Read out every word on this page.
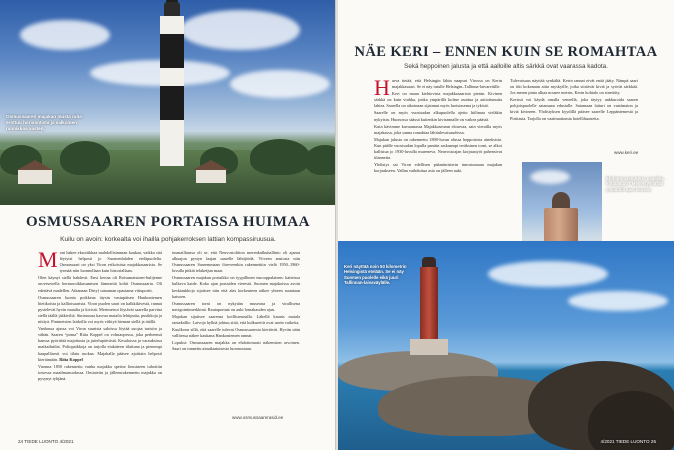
Osmussaaren majakan musta raita erottuu horisontista ja valkoinen rannikkoa vasten.
OSMUSSAAREN PORTAISSA HUIMAA
Kuilu on avoin: korkealta voi ihailla pohjakerroksen lattian kompassiruusua.
M oni hakee eksotiikkaa mahdollisimman kaukaa, vaikka sitä löytyisi helposti jo Suomenlahden eteläpuolelta. Osmussaari on yksi Viron erikoisista majakkasaarista. Se tyrmää niin luonnollaan kuin historiallaan.

Olen käynyt siellä kahdesti. Ensi kertaa oli Rotsumatsinen-hulijenne aroveseoella hermoroikkasumisen lämmettä kohti Osmussaarta. Oli edettävä madellen. Aikanaan Dirty) sataaman opastama vittuporttt.

Osmussaaren luonto poikkeaa täysin vastapäisen Hankoniemen hietikoista ja kallioisaarista. Viron puolen saari on kalkkikivestä, rannat pystelevät hyvin matalia ja kivisiä. Merimetsot löytävät saarella parvina siellä täällä jääkiviltä. Siniruusua kasvaa matalia lehtipuita, pusikkoja ja niittyä. Pinimetsien laidoilla voi myös viihtyä hieman siellä ja täällä.

Vanhassa ajassa voi Viron suurista saloissa löytää suojaa turistin ja vähän. Saaren “poma” Riita Koppel on volmaopessa, joka perheensä kanssa pyörittää majoitusta ja juttelupäivästä. Kesaloissa ja varauksissa matkailutilat. Poltopaikkoja on tarjolla etukäteen tilattuna ja pienempi kaupallisesti voi tilata ruokaa. Majakalla pääsee ajoittain helposti kiertämään. Riita Koppel

Vuonna 1850 rakennettu vanha majakka speitse linssineen tuhottiin toisessa maailmansodassa. Omistettu ja jälleenrakennettu majakka on pysynyt tyhjänä.

tusmaillaassa oli se, että Neuvostoliiton merenkulkuhallinto oli ajanut alkuajon pystyn laajan saarelle lähtijöidä. Viiveen ansiosta niin Osmussaaren Saaremmaan föreveenkin rakennettiin vielä 1950–1960-luvulla pitkät telaketjun maat.

Osmussaaren majakan portaikko on tyypillinen eurooppalainen: kaiteissa kulkeva kaide. Koko ajan portaiden vierestä. Suomen majakoissa avoin keskiaukkoja sijaitsee niin että alas korkeuteen näkee yhteen suuntaan katsoen.

Osmussaaren torni on nykyään museona ja virallisena navigointimerkkinä. Rautaportaat on auki lomakauden ajan.

Majakan sijaitsee saarensa koillisreunalla. Lähellä kaunis matala rantakallio. Laivoja hylkiä johtuu siitä, että kulkureitit ovat usein vaikeita.

Kuulkoon sillä, että saarelle tulevat Osmussaaresta kiertävät. Hyvän sään vallitessa näkee kaukana Hankoniemen rannat.

Lopuksi: Osmussaaren majakka on ehdottomasti näkemisen arvoinen. Saari on tunnettu ainutlaatuisesta luonnostaan.

www.osmussaarerasid.ee
24 TIEDE LUONTO 4/2021
NÄE KERI – ENNEN KUIN SE ROMAHTAA
Sekä heppoinen jalusta ja että aalloille altis särkkä ovat vaarassa kadota.
H arva tietää, että Helsingin lähin naapuri Virossa on Kerin majakkasaari. Se ei näy tutulle Helsingin–Tallinna-laivareitille.

Keri on maan kiehtovista majakkasaarista pienin. Kivinen särkkä on kuin viuhka, jonka ympärillä kolme asuttua ja autioitunutta lahtea. Saarella on aikoinaan sijainnut myös luotsiasema ja tykistö.

Saarelle on myös vuosisadan alkupuolella ajettu hiilimaa vieläkin nykyisin. Huonossa säässä kuitenkin kivirannalle on vaikea päästä.

Kuin kävimme kuvaamassa Majakkaseuran eloarvaa, sain vierailla myös majakassa, joka sanna romahtaa lähitulevaisuudessa.

Majakan jalusta on rakennettu 1800-luvun alussa heppoisista aineksista. Kun päälle vuosisadan lopulla pantiin raskaampi teräksinen torni, se alkoi kallistua jo 1930-luvulla mureneva. Neuvostoajan korjaustyöt pahensivat tilannetta.

Yhdistys sai Viron edellisen päämiinisterin innostumaan majakan korjaukseen. Vallan vaihduttua asia on jälleen auki.

Tulevaisuus näyttää synkältä. Kerin rannat eivät enää jääty. Nämpä saari on iiki kokonaan aitta myskyille, jotka siirtävät kiviä ja syövät särkkää. Jos meren pinta alkaa nousee metrin, Kerin kohtalo on sinetöity.

Kerissä voi käydä omalla veneellä, joka täytyy ankkuroida saaren pohjoispuolelle satamaan edustalle. Satamaan laituri on vaatimaton ja kiviä kivineen. Yhdistyksen kyydillä pääsee saarelle Leppäniemestä ja Pirittasta. Tarjolla on vaatimattomia hotellihuoneita.

www.keri.ee
Ehdottomasti Kerin majakka korjaantuu? Menestyy ja jää ympärillä ajan kanssa.
Keri näyttää noin 50 kilometrin Helsingistä etelään. Se ei näy Suomen puolelle eikä juuri Tallinnan-laivaväylälle.
4/2021 TIEDE LUONTO 25
